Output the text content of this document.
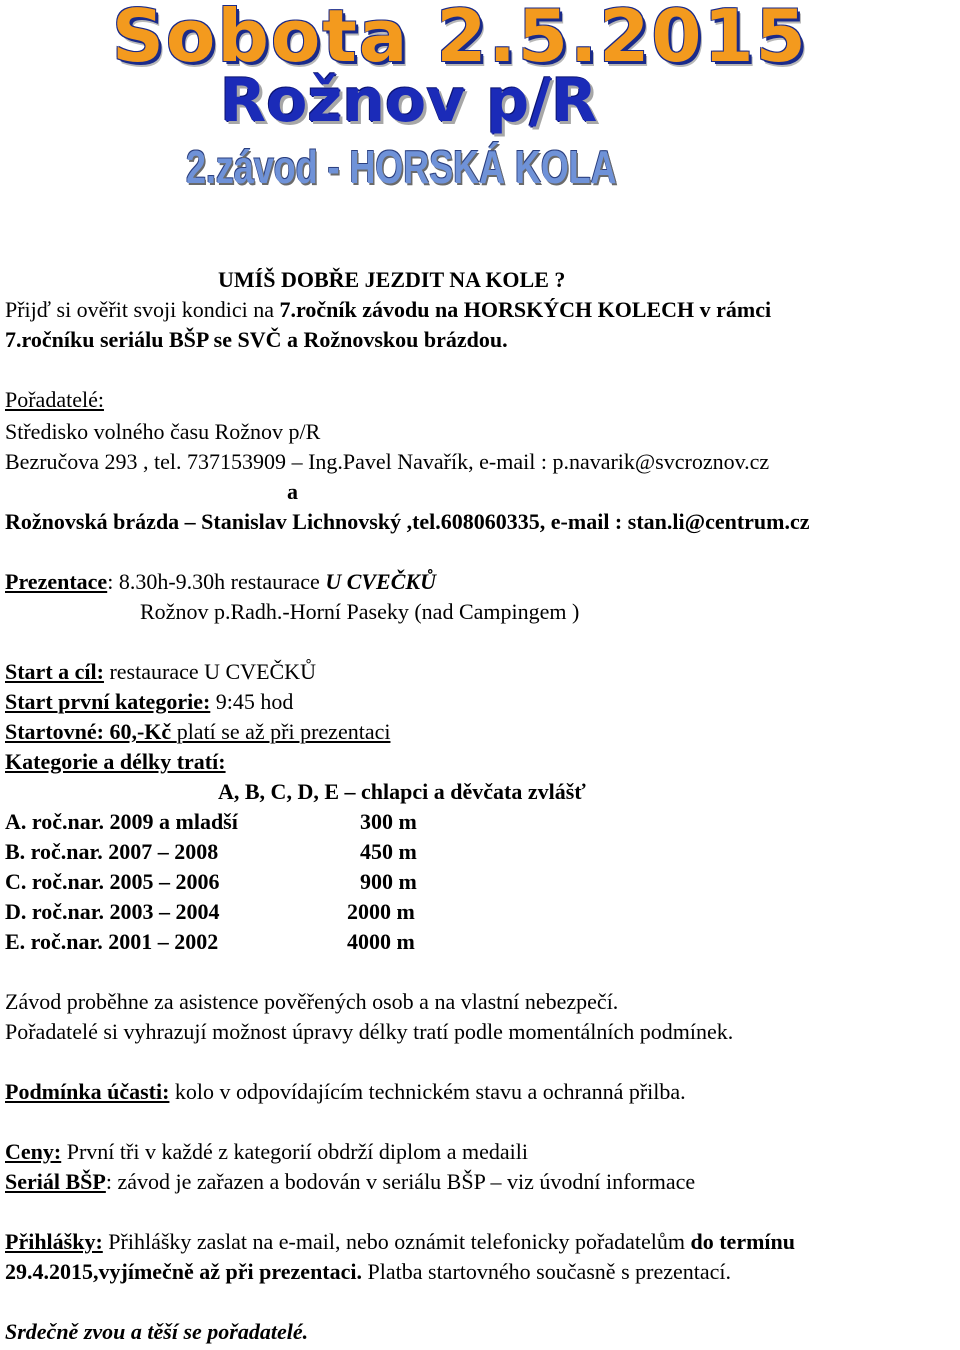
Sobota 2.5.2015
Rožnov p/R
2.závod - HORSKÁ KOLA
UMÍŠ DOBŘE JEZDIT NA KOLE ?
Přijď si ověřit svoji kondici na 7.ročník závodu na HORSKÝCH KOLECH v rámci
7.ročníku seriálu BŠP se SVČ a Rožnovskou brázdou.
Pořadatelé:
Středisko volného času Rožnov p/R
Bezručova 293 , tel. 737153909 – Ing.Pavel Navařík, e-mail : p.navarik@svcroznov.cz
a
Rožnovská brázda – Stanislav Lichnovský ,tel.608060335, e-mail : stan.li@centrum.cz
Prezentace: 8.30h-9.30h restaurace U CVEČKŮ
Rožnov p.Radh.-Horní Paseky (nad Campingem )
Start a cíl: restaurace U CVEČKŮ
Start první kategorie: 9:45 hod
Startovné: 60,-Kč platí se až při prezentaci
Kategorie a délky tratí:
A, B, C, D, E – chlapci a děvčata zvlášť
A. roč.nar. 2009 a mladší	300 m
B. roč.nar. 2007 – 2008	450 m
C. roč.nar. 2005 – 2006	900 m
D. roč.nar. 2003 – 2004	2000 m
E. roč.nar. 2001 – 2002	4000 m
Závod proběhne za asistence pověřených osob a na vlastní nebezpečí.
Pořadatelé si vyhrazují možnost úpravy délky tratí podle momentálních podmínek.
Podmínka účasti: kolo v odpovídajícím technickém stavu a ochranná přilba.
Ceny: První tři v každé z kategorií obdrží diplom a medaili
Seriál BŠP: závod je zařazen a bodován v seriálu BŠP – viz úvodní informace
Přihlášky: Přihlášky zaslat na e-mail, nebo oznámit telefonicky pořadatelům do termínu
29.4.2015,vyjímečně až při prezentaci. Platba startovného současně s prezentací.
Srdečně zvou a těší se pořadatelé.
